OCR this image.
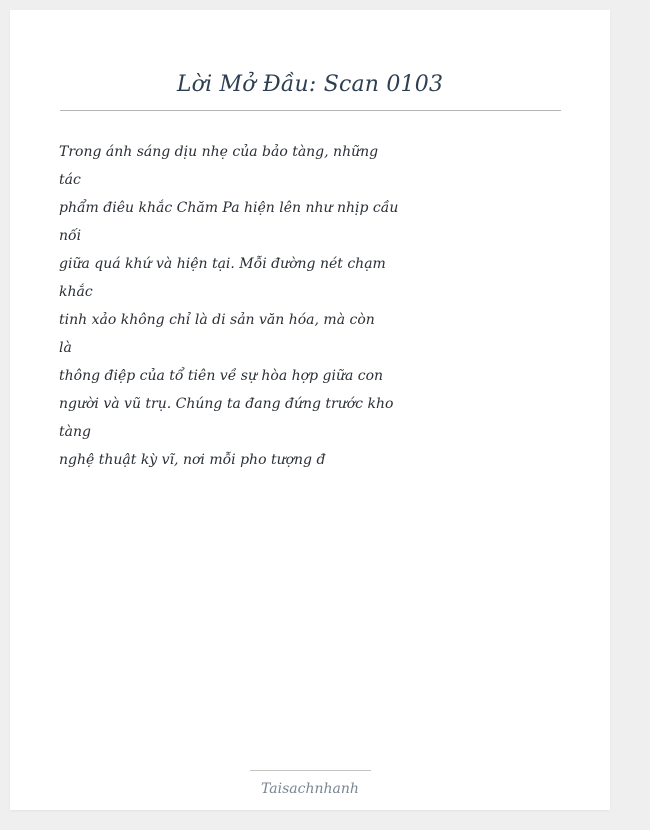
Lời Mở Đầu: Scan 0103
Trong ánh sáng dịu nhẹ của bảo tàng, những
tác
phẩm điêu khắc Chăm Pa hiện lên như nhịp cầu
nối
giữa quá khứ và hiện tại. Mỗi đường nét chạm
khắc
tinh xảo không chỉ là di sản văn hóa, mà còn
là
thông điệp của tổ tiên về sự hòa hợp giữa con
người và vũ trụ. Chúng ta đang đứng trước kho
tàng
nghệ thuật kỳ vĩ, nơi mỗi pho tượng đ
Taisachnhanh
